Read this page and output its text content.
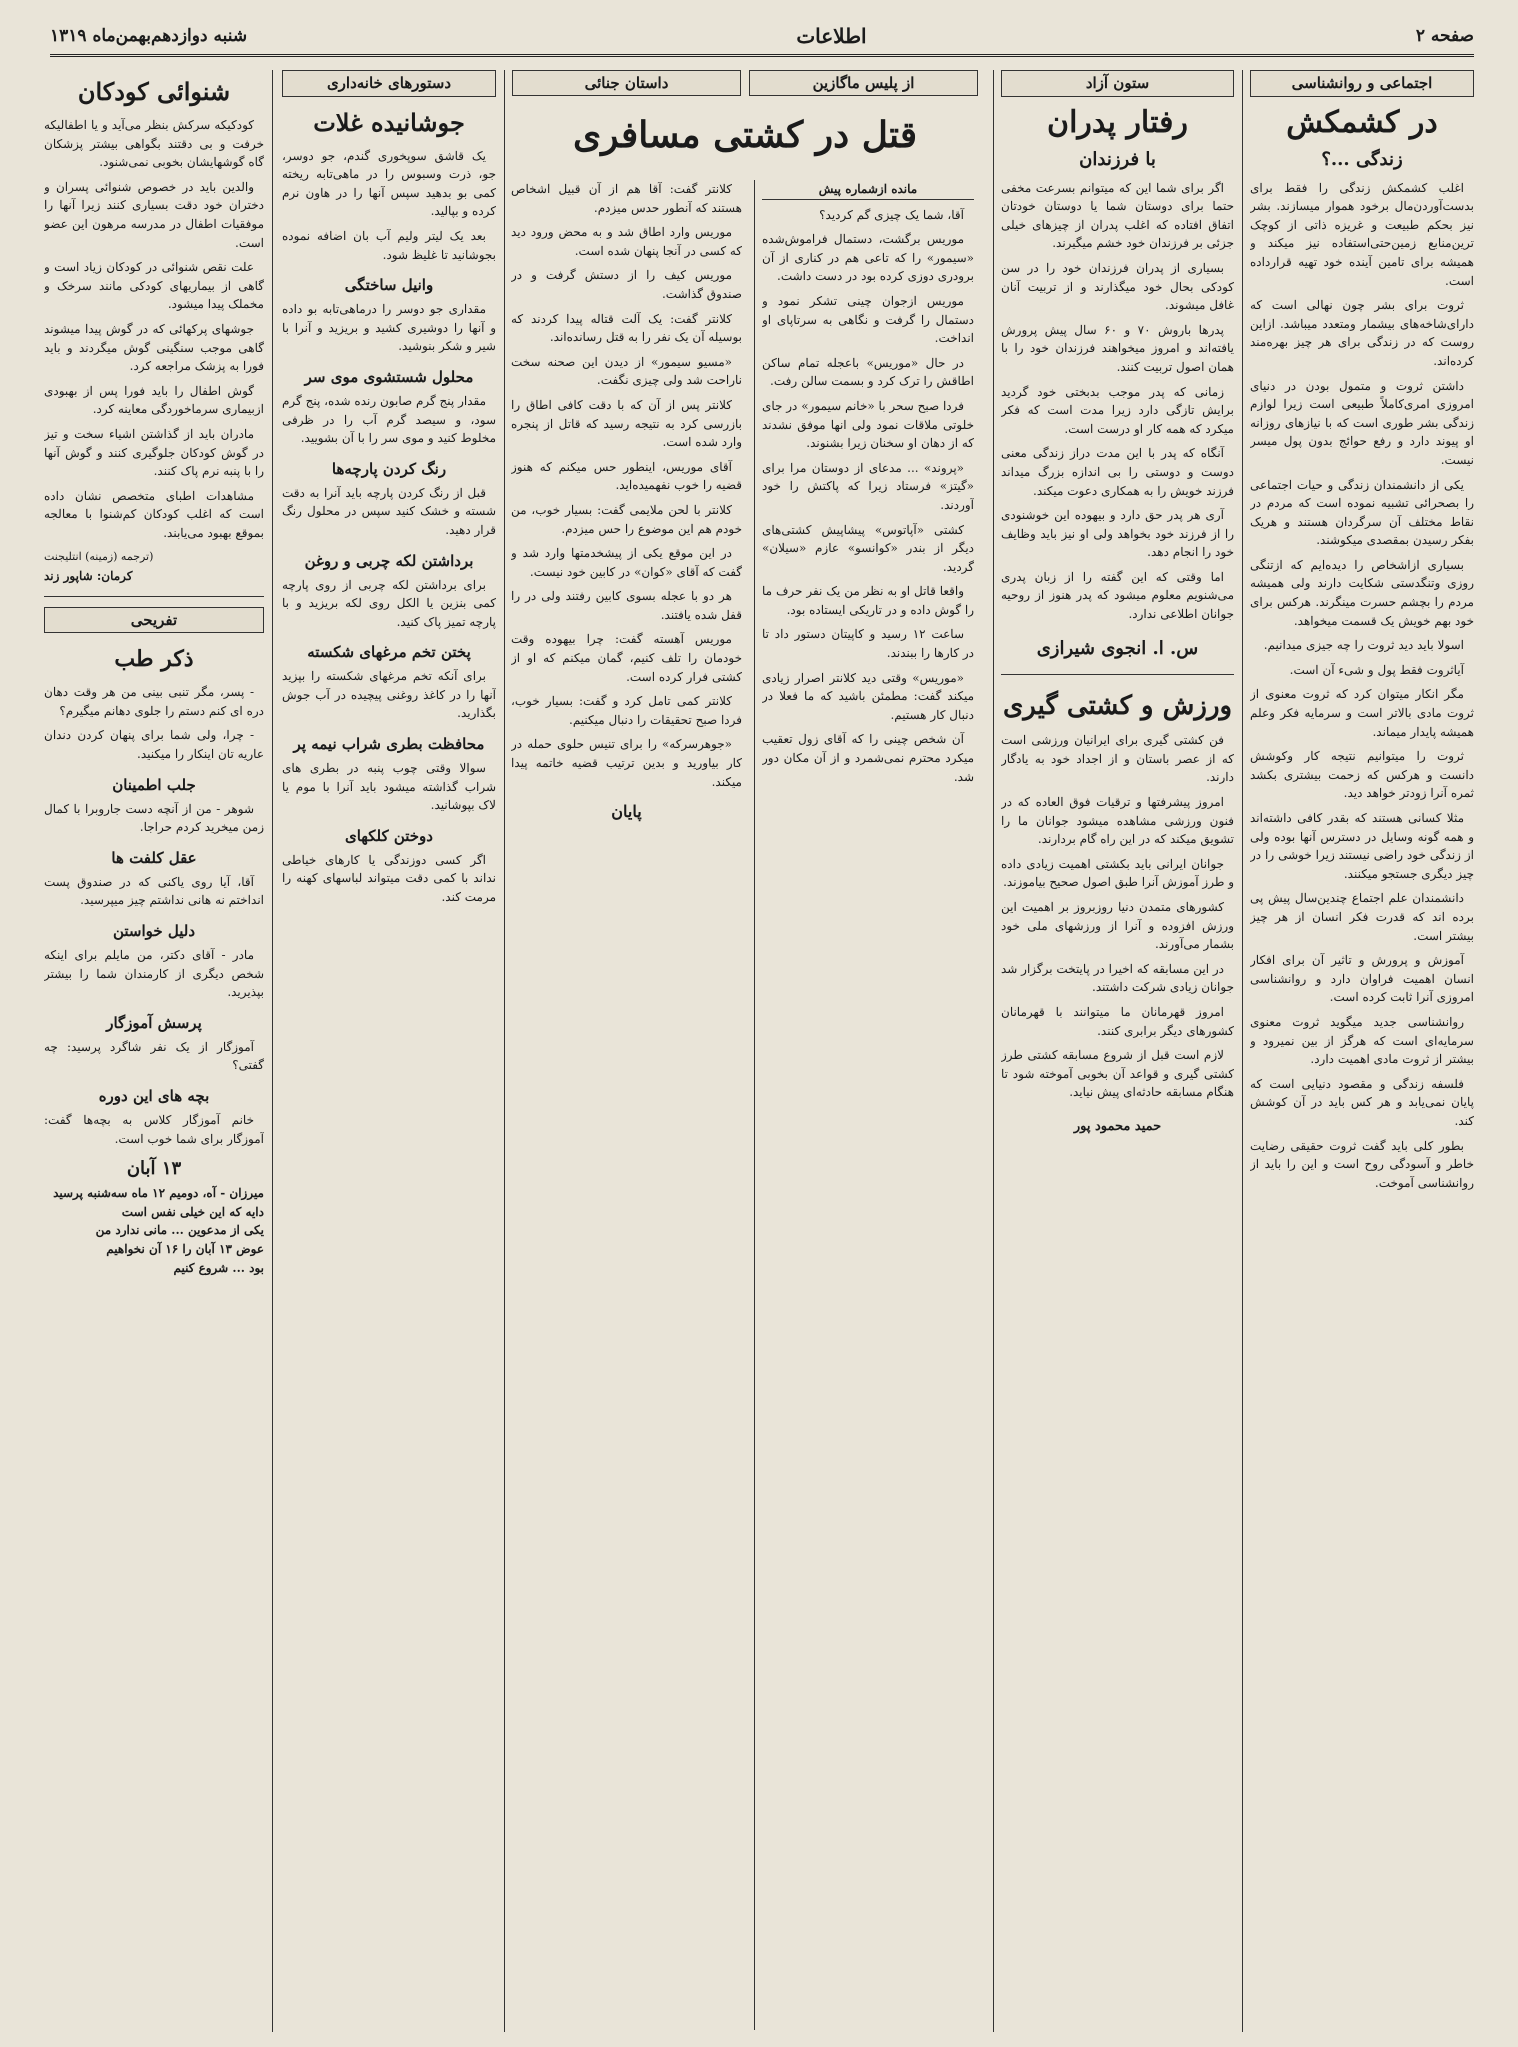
صفحه ۲
اطلاعات
شنبه دوازدهم‌بهمن‌ماه ۱۳۱۹
اجتماعی و روانشناسی
در کشمکش
زندگی ...؟

اغلب کشمکش زندگی را فقط برای بدست‌آوردن‌مال برخود هموار میسازند. بشر نیز بحکم طبیعت و غریزه ذاتی از کوچک ترین‌منابع زمین‌حتی‌استفاده نیز میکند و همیشه برای تامین آینده خود تهیه قرارداده است.

ثروت برای بشر چون نهالی است که دارای‌شاخه‌های بیشمار ومتعدد میباشد. ازاین روست که در زندگی برای هر چیز بهره‌مند کرده‌اند.

داشتن ثروت و متمول بودن در دنیای امروزی امری‌کاملاً طبیعی است‌ زیرا لوازم زندگی بشر طوری است که با نیازهای روزانه او پیوند دارد و رفع حوائج بدون پول میسر نیست.

یکی از دانشمندان زندگی و حیات اجتماعی را بصحرائی تشبیه نموده است که مردم در نقاط مختلف آن سرگردان هستند و هریک بفکر رسیدن بمقصدی میکوشند.

بسیاری ازاشخاص را دیده‌ایم که ازتنگی روزی وتنگدستی شکایت دارند ولی همیشه مردم را بچشم حسرت مینگرند. هرکس برای خود بهم خویش یک قسمت میخواهد.

اسولا باید دید ثروت را چه جیزی میدانیم.

آیاثروت فقط پول و شیء آن است.

مگر انکار میتوان کرد که ثروت معنوی از ثروت مادی بالاتر است و سرمایه فکر وعلم همیشه پایدار میماند.

ثروت را میتوانیم نتیجه‌ کار وکوشش دانست و هرکس که زحمت بیشتری بکشد ثمره‌ آنرا زودتر خواهد دید.

مثلا کسانی هستند که بقدر کافی داشته‌اند و همه‌ گونه وسایل در دسترس آنها بوده ولی از زندگی خود راضی نیستند زیرا خوشی را در چیز دیگری جستجو میکنند.

دانشمندان علم اجتماع چندین‌سال پیش پی برده‌ اند که قدرت فکر انسان از هر چیز بیشتر است.

آموزش و پرورش و تاثیر آن برای افکار انسان اهمیت فراوان دارد و روانشناسی امروزی آنرا ثابت کرده است.

روانشناسی جدید میگوید ثروت معنوی سرمایه‌ای است‌ که هرگز از بین نمیرود و بیشتر از ثروت مادی اهمیت دارد.

فلسفه زندگی و مقصود دنیایی است که پایان نمی‌یابد و هر کس باید در آن کوشش کند.

بطور کلی باید گفت ثروت حقیقی رضایت خاطر و آسودگی روح است و این را باید از روانشناسی آموخت.

ستون آزاد
رفتار پدران
با فرزندان

اگر برای شما این که میتوانم بسرعت مخفی حتما برای دوستان شما یا دوستان خودتان اتفاق افتاده که اغلب پدران از چیزهای خیلی جزئی بر فرزندان خود خشم میگیرند.

بسیاری از پدران فرزندان خود را در سن کودکی بحال خود میگذارند و از تربیت آنان غافل میشوند.

پدرها باروش ۷۰ و ۶۰ سال پیش پرورش یافته‌اند و امروز میخواهند فرزندان خود را با همان اصول تربیت کنند.

زمانی که پدر موجب بدبختی خود گردید برایش تازگی دارد زیرا مدت است که فکر میکرد که همه کار او درست است.

آنگاه که پدر با این مدت دراز زندگی معنی دوست و دوستی را بی اندازه بزرگ میداند فرزند خویش را به همکاری دعوت میکند.

آری هر پدر حق دارد و بیهوده این خوشنودی را از فرزند خود بخواهد ولی او نیز باید وظایف خود را انجام دهد.

اما وقتی که این گفته را از زبان پدری می‌شنویم معلوم میشود که پدر هنوز از روحیه جوانان اطلاعی ندارد.

س. ا. انجوی شیرازی
ورزش و کشتی گیری

فن کشتی گیری برای ایرانیان ورزشی است که از عصر باستان و از اجداد خود به یادگار دارند.

امروز پیشرفتها و ترقیات فوق العاده که در فنون ورزشی مشاهده میشود جوانان ما را تشویق میکند که در این راه گام بردارند.

جوانان ایرانی باید بکشتی اهمیت زیادی داده و طرز آموزش آنرا طبق اصول صحیح بیاموزند.

کشورهای متمدن دنیا روزبروز بر اهمیت این ورزش افزوده و آنرا از ورزشهای ملی خود بشمار می‌آورند.

در این مسابقه که اخیرا در پایتخت برگزار شد جوانان زیادی شرکت داشتند.

امروز قهرمانان ما میتوانند با قهرمانان کشورهای دیگر برابری کنند.

لازم است قبل از شروع مسابقه کشتی طرز کشتی گیری و قواعد آن بخوبی آموخته شود تا هنگام مسابقه حادثه‌ای پیش نیاید.

حمید محمود پور
از پلیس ماگازین
داستان جنائی
قتل در کشتی مسافری
مانده ازشماره پیش

آقا، شما یک چیزی گم کردید؟

موریس برگشت، دستمال فراموش‌شده «سیمور» را که تاعی هم در کناری از آن برودری دوزی کرده بود در دست داشت.

موریس ازجوان چینی تشکر نمود و دستمال را گرفت و نگاهی به سرتاپای او انداخت.

در حال «موریس» باعجله تمام ساکن اطاقش را ترک کرد و بسمت سالن رفت.

فردا صبح سحر با «خانم سیمور» در جای خلوتی ملاقات نمود ولی انها موفق نشدند که از دهان او سخنان زیرا بشنوند.

«پروند» ... مدعای از دوستان مرا برای «گیتز» فرستاد زیرا که پاکتش را خود آوردند.

کشتی «آپاتوس» پیشاپیش کشتی‌های دیگر از بندر «کوانسو» عازم «سیلان» گردید.

واقعا قاتل او به نظر من یک نفر حرف ما را گوش داده و در تاریکی ایستاده بود.

ساعت ۱۲ رسید و کاپیتان دستور داد تا در کارها را ببندند.

«موریس» وقتی دید کلانتر اصرار زیادی میکند گفت: مطمئن باشید که ما فعلا در دنبال کار هستیم.

آن شخص چینی را که آقای زول تعقیب میکرد محترم نمی‌شمرد و از آن مکان دور شد.

کلانتر گفت: آقا هم از آن قبیل اشخاص هستند که آنطور حدس میزدم.

موریس وارد اطاق شد و به محض ورود دید که کسی در آنجا پنهان شده است.

موریس کیف را از دستش گرفت و در صندوق گذاشت.

کلانتر گفت: یک آلت قتاله پیدا کردند که بوسیله آن یک نفر را به قتل رسانده‌اند.

«مسیو سیمور» از دیدن این صحنه سخت ناراحت شد ولی چیزی نگفت.

کلانتر پس از آن که با دقت کافی اطاق را بازرسی کرد به نتیجه رسید که قاتل از پنجره وارد شده است.

آقای موریس، اینطور حس میکنم که هنوز قضیه را خوب نفهمیده‌اید.

کلانتر با لحن ملایمی گفت: بسیار خوب، من خودم هم این موضوع را حس میزدم.

در این موقع یکی از پیشخدمتها وارد شد و گفت که آقای «کوان» در کابین خود نیست.

هر دو با عجله بسوی کابین رفتند ولی در را قفل شده یافتند.

موریس آهسته گفت: چرا بیهوده وقت خودمان را تلف کنیم، گمان میکنم که او از کشتی فرار کرده است.

کلانتر کمی تامل کرد و گفت: بسیار خوب، فردا صبح تحقیقات را دنبال میکنیم.

«جوهرسرکه» را برای تنیس حلوی حمله در کار بیاورید و بدین ترتیب قضیه خاتمه پیدا میکند.

پایان
دستورهای خانه‌داری
جوشانیده غلات

یک قاشق سوپخوری گندم، جو دوسر، جو، ذرت وسبوس را در ماهی‌تابه ریخته کمی بو بدهید سپس آنها را در هاون نرم کرده و بپالید.

بعد یک لیتر ولیم آب بان اضافه نموده بجوشانید تا غلیظ شود.

وانیل ساختگی

مقداری جو دوسر را درماهی‌تابه بو داده و آنها را دوشیری کشید و بریزید و آنرا با شیر و شکر بنوشید.

محلول شستشوی موی سر

مقدار پنج گرم صابون رنده شده، پنج گرم سود، و سیصد گرم آب را در ظرفی مخلوط کنید و موی سر را با آن بشویید.

رنگ کردن پارچه‌ها

قبل از رنگ کردن پارچه باید آنرا به دقت شسته و خشک کنید سپس در محلول رنگ قرار دهید.

برداشتن لکه چربی و روغن

برای برداشتن لکه چربی از روی پارچه کمی بنزین یا الکل روی لکه بریزید و با پارچه تمیز پاک کنید.

پختن تخم مرغهای شکسته

برای آنکه تخم مرغهای شکسته را بپزید آنها را در کاغذ روغنی پیچیده در آب جوش بگذارید.

محافظت بطری شراب نیمه پر

سوالا وقتی چوب پنبه در بطری های شراب گذاشته میشود باید آنرا با موم یا لاک بپوشانید.

دوختن کلکهای

اگر کسی دوزندگی یا کارهای خیاطی نداند با کمی دقت میتواند لباسهای کهنه را مرمت کند.

شنوائی کودکان

کودکیکه سرکش بنظر می‌آید و یا اطفالیکه خرفت و بی دقتند بگواهی بیشتر پزشکان گاه گوشهایشان بخوبی نمی‌شنود.

والدین باید در خصوص شنوائی پسران و دختران خود دقت بسیاری کنند زیرا آنها را موفقیات اطفال در مدرسه مرهون این عضو است.

علت نقص شنوائی در کودکان زیاد است و گاهی از بیماریهای کودکی مانند سرخک و مخملک پیدا میشود.

جوشهای پرکهائی که در گوش پیدا میشوند گاهی موجب سنگینی گوش میگردند و باید فورا به پزشک مراجعه کرد.

گوش اطفال را باید فورا پس از بهبودی ازبیماری سرماخوردگی معاینه کرد.

مادران باید از گذاشتن اشیاء سخت و تیز در گوش کودکان جلوگیری کنند و گوش آنها را با پنبه نرم پاک کنند.

مشاهدات اطبای متخصص نشان داده است که اغلب کودکان کم‌شنوا با معالجه بموقع بهبود می‌یابند.

(ترجمه (زمینه) انتلیجنت
کرمان: شاپور زند
تفریحی
ذکر طب

- پسر، مگر تنبی بینی من هر وقت دهان دره‌ ای کنم دستم را جلوی دهانم میگیرم؟

- چرا، ولی شما برای پنهان کردن دندان عاریه تان اینکار را میکنید.

جلب اطمینان

شوهر - من از آنچه دست جاروبرا با کمال زمن میخرید کردم حراجا.

عقل کلفت ها

آقا، آیا روی یاکنی که در صندوق پست انداختم نه هانی نداشتم چیز میپرسید.

دلیل خواستن

مادر - آقای دکتر، من مایلم برای اینکه شخص دیگری از کارمندان شما را بیشتر بپذیرید.

پرسش آموزگار

آموزگار از یک نفر شاگرد پرسید: چه گفتی؟

بچه های این دوره

خانم آموزگار کلاس به بچه‌ها گفت: آموزگار برای شما خوب است.

۱۳ آبان
میرزان - آه، دومیم ۱۲ ماه سه‌شنبه‌ پرسید
دایه که این خیلی نفس است
یکی از مدعوین ... مانی ندارد من
عوض ۱۳ آبان را ۱۶ آن نخواهیم
بود ... شروع کنیم
